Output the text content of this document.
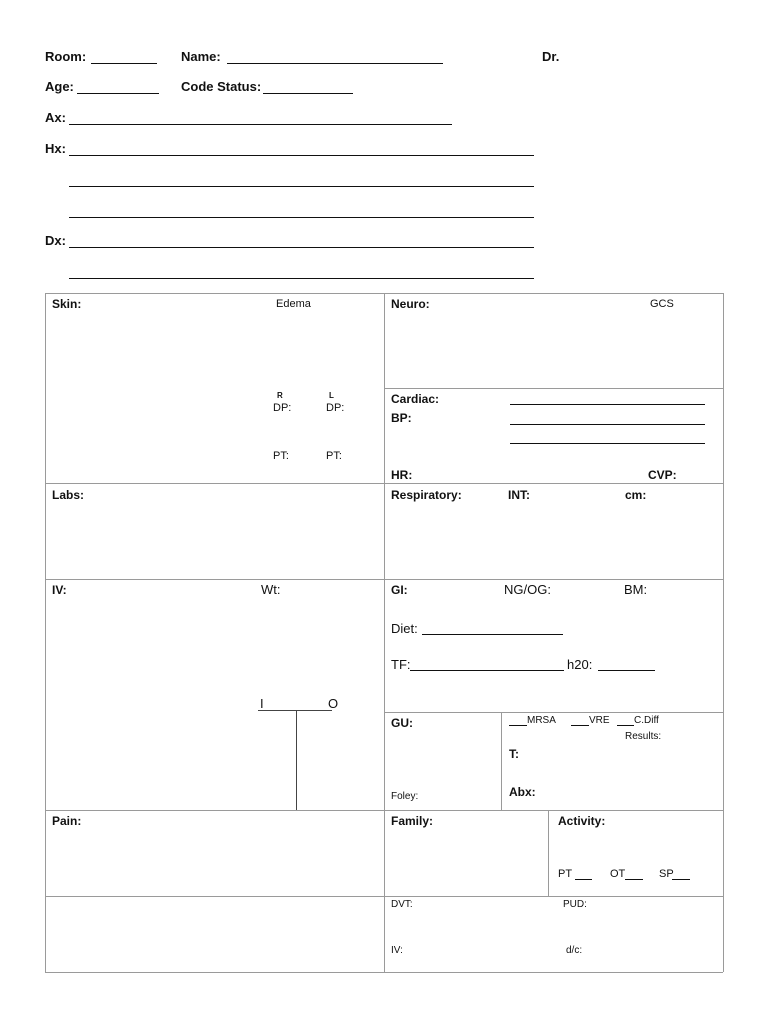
Room:	Name:	Dr.
Age:	Code Status:
Ax:
Hx:
Dx:
Skin:	Edema
R	L
DP:	DP:
PT:	PT:
Neuro:	GCS
Cardiac:
BP:
HR:	CVP:
Labs:	Respiratory:	INT:	cm:
IV:	Wt:
I	O
GI:	NG/OG:	BM:
Diet:
TF:	h20:
GU:
Foley:
MRSA	VRE C.Diff
Results:
T:
Abx:
Pain:	Family:	Activity:
PT	OT	SP
DVT:	PUD:
IV:	d/c:
